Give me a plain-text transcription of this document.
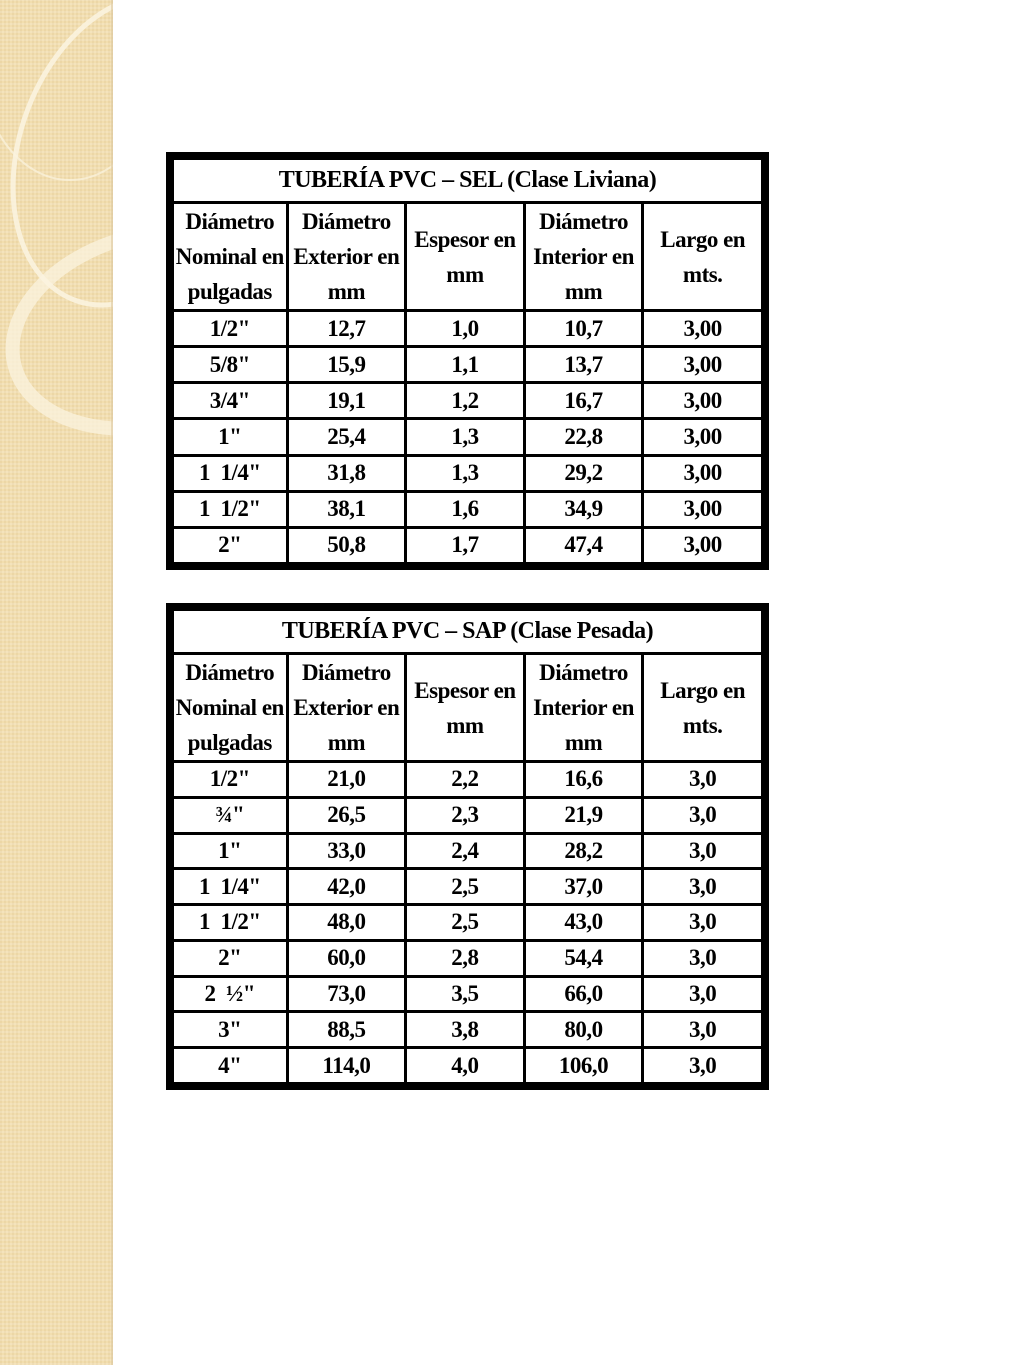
TUBERÍA PVC – SEL (Clase Liviana)				
Diámetro Nominal en pulgadas	Diámetro Exterior en mm	Espesor en mm	Diámetro Interior en mm	Largo en mts.
1/2"	12,7	1,0	10,7	3,00
5/8"	15,9	1,1	13,7	3,00
3/4"	19,1	1,2	16,7	3,00
1"	25,4	1,3	22,8	3,00
1  1/4"	31,8	1,3	29,2	3,00
1  1/2"	38,1	1,6	34,9	3,00
2"	50,8	1,7	47,4	3,00
TUBERÍA PVC – SAP (Clase Pesada)				
Diámetro Nominal en pulgadas	Diámetro Exterior en mm	Espesor en mm	Diámetro Interior en mm	Largo en mts.
1/2"	21,0	2,2	16,6	3,0
¾"	26,5	2,3	21,9	3,0
1"	33,0	2,4	28,2	3,0
1  1/4"	42,0	2,5	37,0	3,0
1  1/2"	48,0	2,5	43,0	3,0
2"	60,0	2,8	54,4	3,0
2  ½"	73,0	3,5	66,0	3,0
3"	88,5	3,8	80,0	3,0
4"	114,0	4,0	106,0	3,0
